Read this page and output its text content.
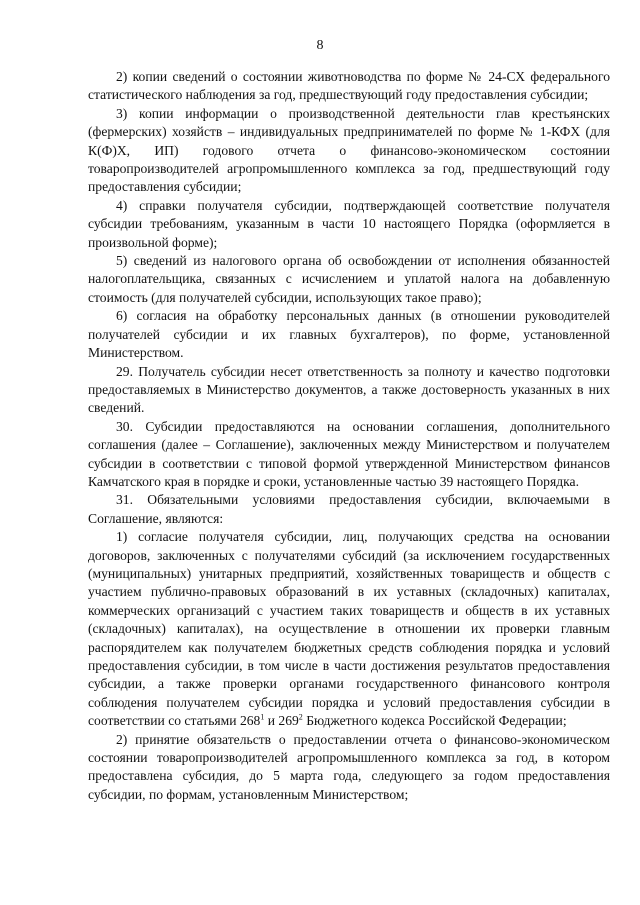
8

2) копии сведений о состоянии животноводства по форме № 24-СХ федерального статистического наблюдения за год, предшествующий году предоставления субсидии;

3) копии информации о производственной деятельности глав крестьянских (фермерских) хозяйств – индивидуальных предпринимателей по форме № 1-КФХ (для К(Ф)Х, ИП) годового отчета о финансово-экономическом состоянии товаропроизводителей агропромышленного комплекса за год, предшествующий году предоставления субсидии;

4) справки получателя субсидии, подтверждающей соответствие получателя субсидии требованиям, указанным в части 10 настоящего Порядка (оформляется в произвольной форме);

5) сведений из налогового органа об освобождении от исполнения обязанностей налогоплательщика, связанных с исчислением и уплатой налога на добавленную стоимость (для получателей субсидии, использующих такое право);

6) согласия на обработку персональных данных (в отношении руководителей получателей субсидии и их главных бухгалтеров), по форме, установленной Министерством.

29. Получатель субсидии несет ответственность за полноту и качество подготовки предоставляемых в Министерство документов, а также достоверность указанных в них сведений.

30. Субсидии предоставляются на основании соглашения, дополнительного соглашения (далее – Соглашение), заключенных между Министерством и получателем субсидии в соответствии с типовой формой утвержденной Министерством финансов Камчатского края в порядке и сроки, установленные частью 39 настоящего Порядка.

31. Обязательными условиями предоставления субсидии, включаемыми в Соглашение, являются:

1) согласие получателя субсидии, лиц, получающих средства на основании договоров, заключенных с получателями субсидий (за исключением государственных (муниципальных) унитарных предприятий, хозяйственных товариществ и обществ с участием публично-правовых образований в их уставных (складочных) капиталах, коммерческих организаций с участием таких товариществ и обществ в их уставных (складочных) капиталах), на осуществление в отношении их проверки главным распорядителем как получателем бюджетных средств соблюдения порядка и условий предоставления субсидии, в том числе в части достижения результатов предоставления субсидии, а также проверки органами государственного финансового контроля соблюдения получателем субсидии порядка и условий предоставления субсидии в соответствии со статьями $268^1$ и $269^2$ Бюджетного кодекса Российской Федерации;

2) принятие обязательств о предоставлении отчета о финансово-экономическом состоянии товаропроизводителей агропромышленного комплекса за год, в котором предоставлена субсидия, до 5 марта года, следующего за годом предоставления субсидии, по формам, установленным Министерством;
